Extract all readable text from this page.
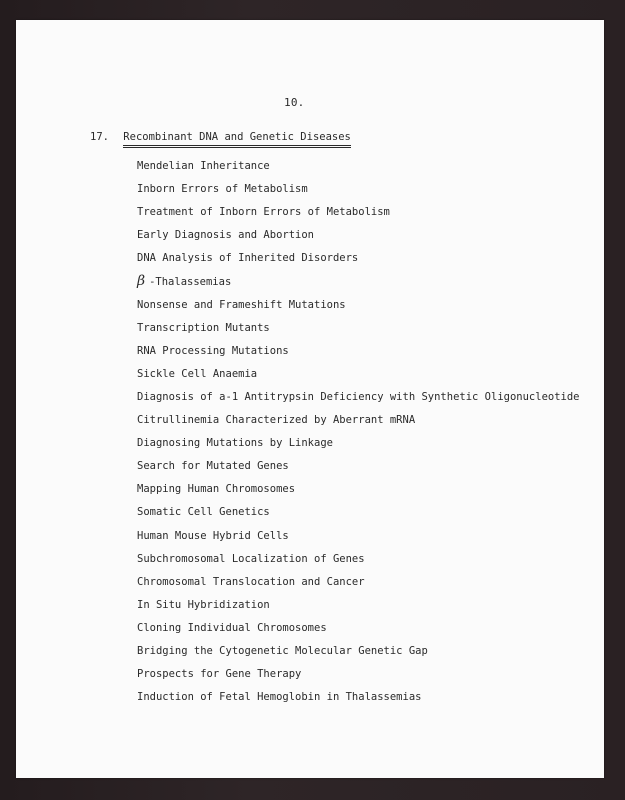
10.
17. Recombinant DNA and Genetic Diseases
Mendelian Inheritance
Inborn Errors of Metabolism
Treatment of Inborn Errors of Metabolism
Early Diagnosis and Abortion
DNA Analysis of Inherited Disorders
β -Thalassemias
Nonsense and Frameshift Mutations
Transcription Mutants
RNA Processing Mutations
Sickle Cell Anaemia
Diagnosis of a-1 Antitrypsin Deficiency with Synthetic Oligonucleotide
Citrullinemia Characterized by Aberrant mRNA
Diagnosing Mutations by Linkage
Search for Mutated Genes
Mapping Human Chromosomes
Somatic Cell Genetics
Human Mouse Hybrid Cells
Subchromosomal Localization of Genes
Chromosomal Translocation and Cancer
In Situ Hybridization
Cloning Individual Chromosomes
Bridging the Cytogenetic Molecular Genetic Gap
Prospects for Gene Therapy
Induction of Fetal Hemoglobin in Thalassemias
